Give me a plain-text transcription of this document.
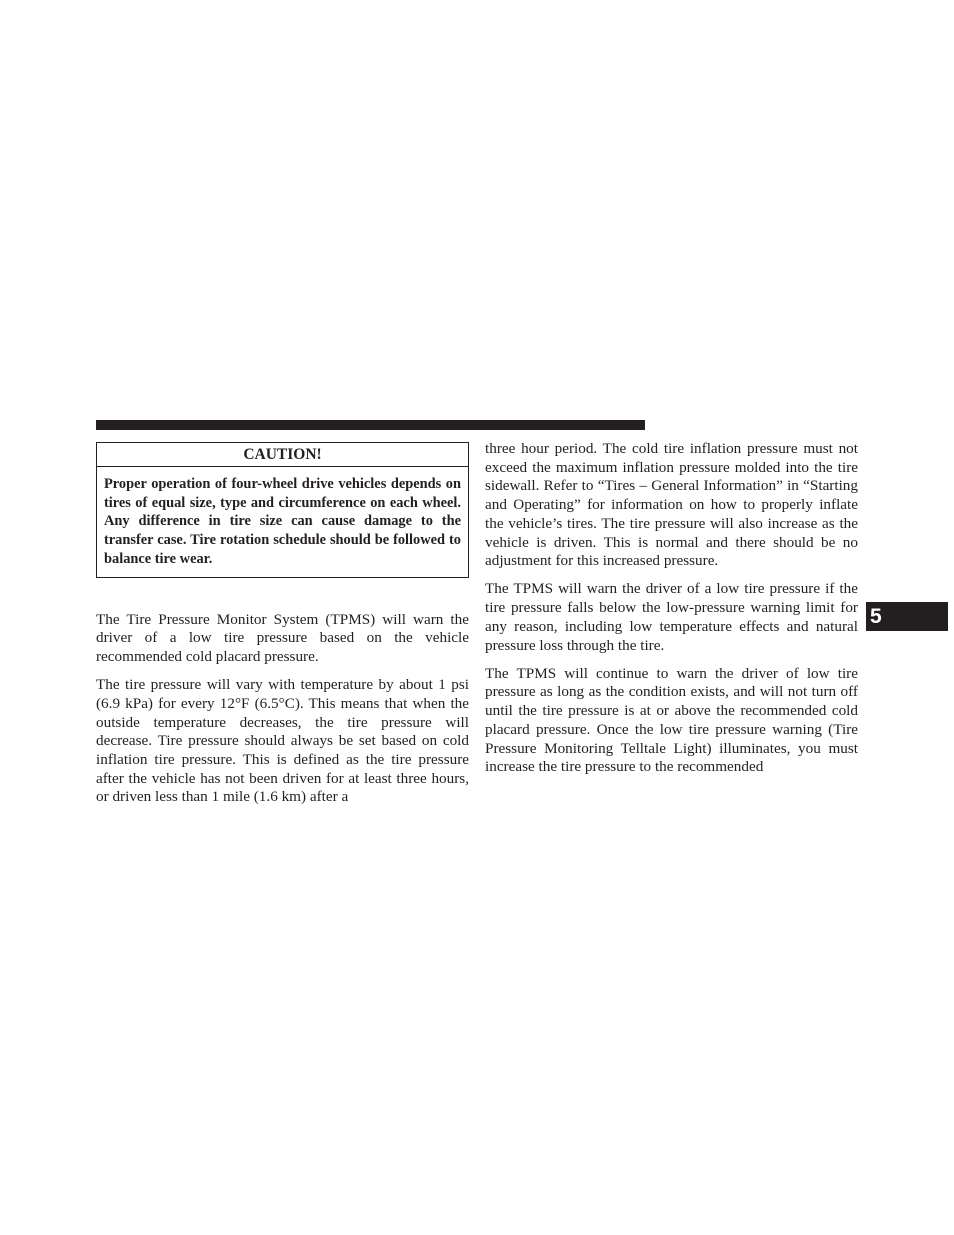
CAUTION!
Proper operation of four-wheel drive vehicles depends on tires of equal size, type and circumference on each wheel. Any difference in tire size can cause damage to the transfer case. Tire rotation schedule should be followed to balance tire wear.

The Tire Pressure Monitor System (TPMS) will warn the driver of a low tire pressure based on the vehicle recommended cold placard pressure.

The tire pressure will vary with temperature by about 1 psi (6.9 kPa) for every 12°F (6.5°C). This means that when the outside temperature decreases, the tire pressure will decrease. Tire pressure should always be set based on cold inflation tire pressure. This is defined as the tire pressure after the vehicle has not been driven for at least three hours, or driven less than 1 mile (1.6 km) after a

three hour period. The cold tire inflation pressure must not exceed the maximum inflation pressure molded into the tire sidewall. Refer to “Tires – General Information” in “Starting and Operating” for information on how to properly inflate the vehicle’s tires. The tire pressure will also increase as the vehicle is driven. This is normal and there should be no adjustment for this increased pressure.

The TPMS will warn the driver of a low tire pressure if the tire pressure falls below the low-pressure warning limit for any reason, including low temperature effects and natural pressure loss through the tire.

The TPMS will continue to warn the driver of low tire pressure as long as the condition exists, and will not turn off until the tire pressure is at or above the recommended cold placard pressure. Once the low tire pressure warning (Tire Pressure Monitoring Telltale Light) illuminates, you must increase the tire pressure to the recommended

5
